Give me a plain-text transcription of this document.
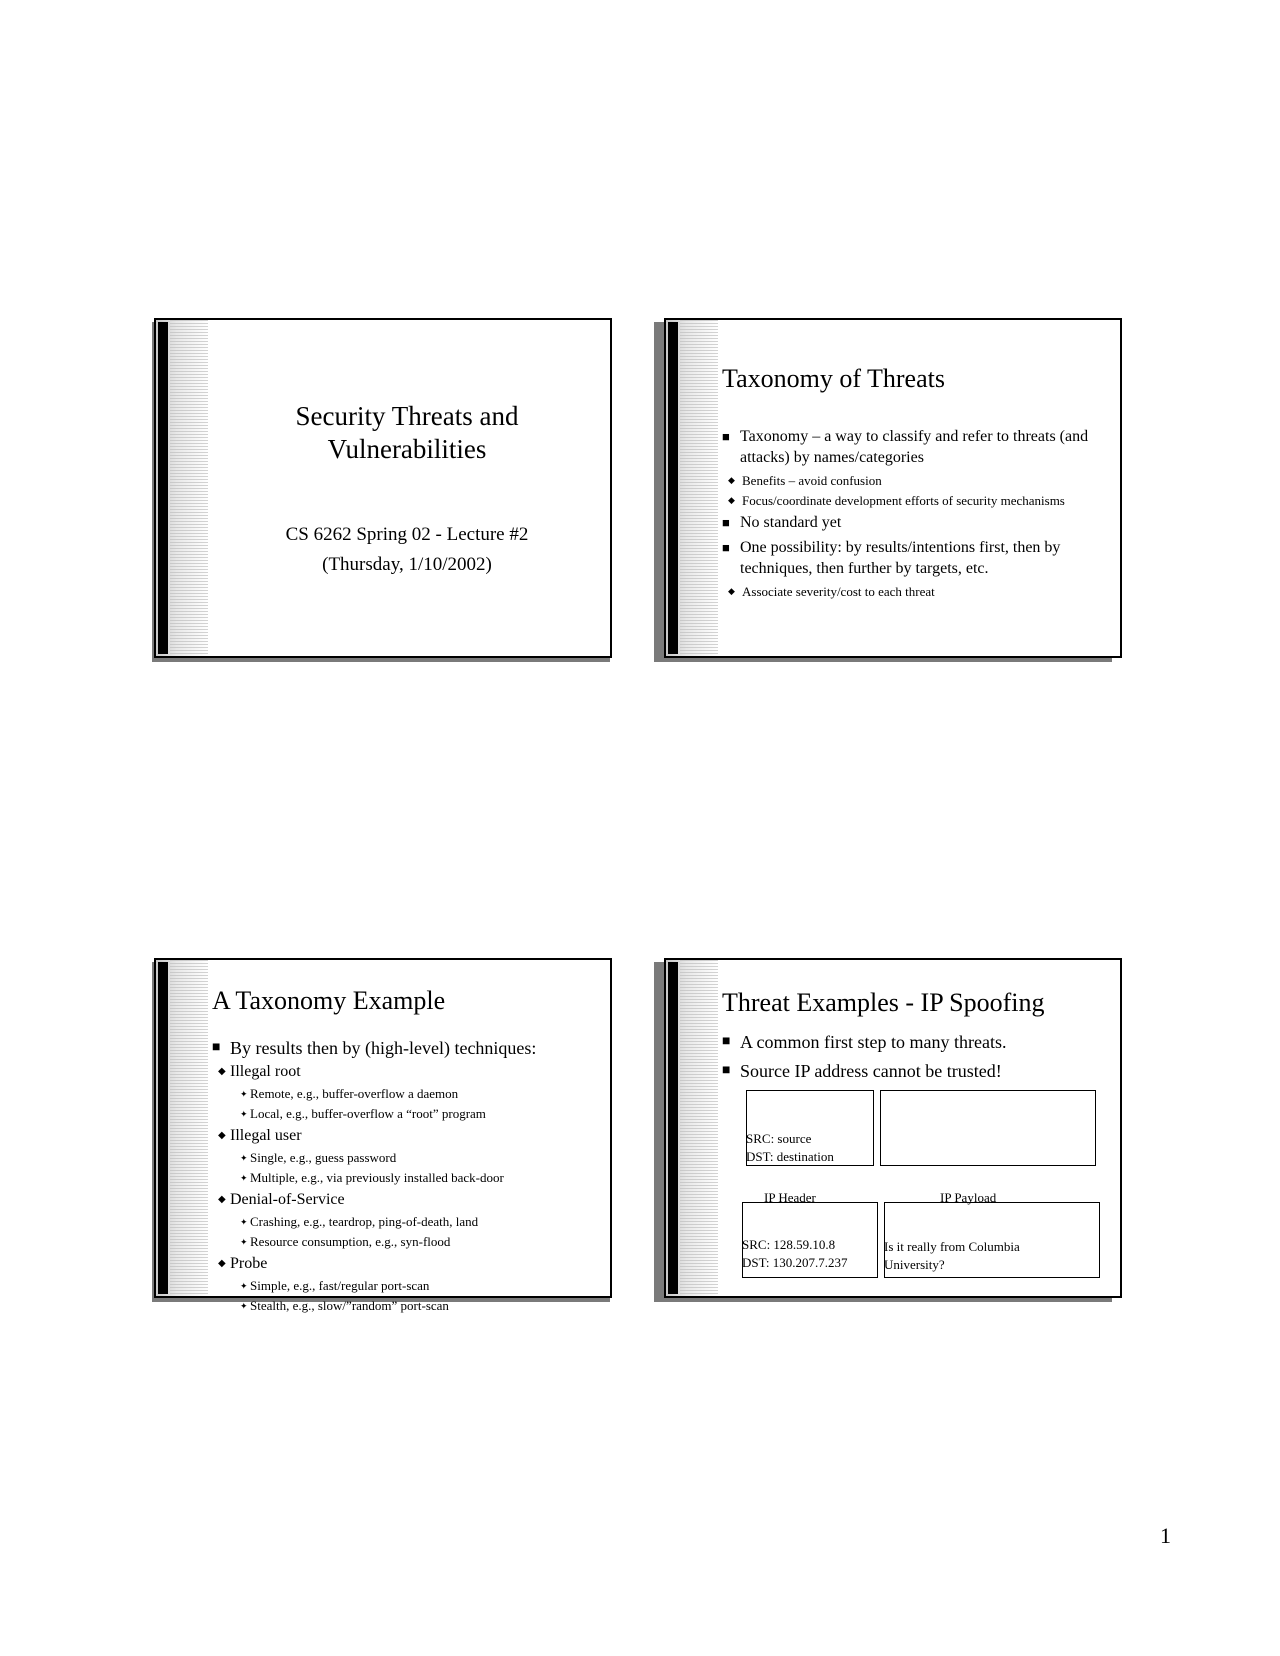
Security Threats and
Vulnerabilities
CS 6262 Spring 02 - Lecture #2
(Thursday, 1/10/2002)
Taxonomy of Threats
■ Taxonomy – a way to classify and refer to threats (and attacks) by names/categories
◆ Benefits – avoid confusion
◆ Focus/coordinate development efforts of security mechanisms
■ No standard yet
■ One possibility: by results/intentions first, then by techniques, then further by targets, etc.
◆ Associate severity/cost to each threat
A Taxonomy Example
■ By results then by (high-level) techniques:
◆ Illegal root
✦ Remote, e.g., buffer-overflow a daemon
✦ Local, e.g., buffer-overflow a “root” program
◆ Illegal user
✦ Single, e.g., guess password
✦ Multiple, e.g., via previously installed back-door
◆ Denial-of-Service
✦ Crashing, e.g., teardrop, ping-of-death, land
✦ Resource consumption, e.g., syn-flood
◆ Probe
✦ Simple, e.g., fast/regular port-scan
✦ Stealth, e.g., slow/”random” port-scan
Threat Examples - IP Spoofing
■ A common first step to many threats.
■ Source IP address cannot be trusted!
SRC: source
DST: destination
IP Header	IP Payload
SRC: 128.59.10.8
DST: 130.207.7.237
Is it really from Columbia
University?
1
